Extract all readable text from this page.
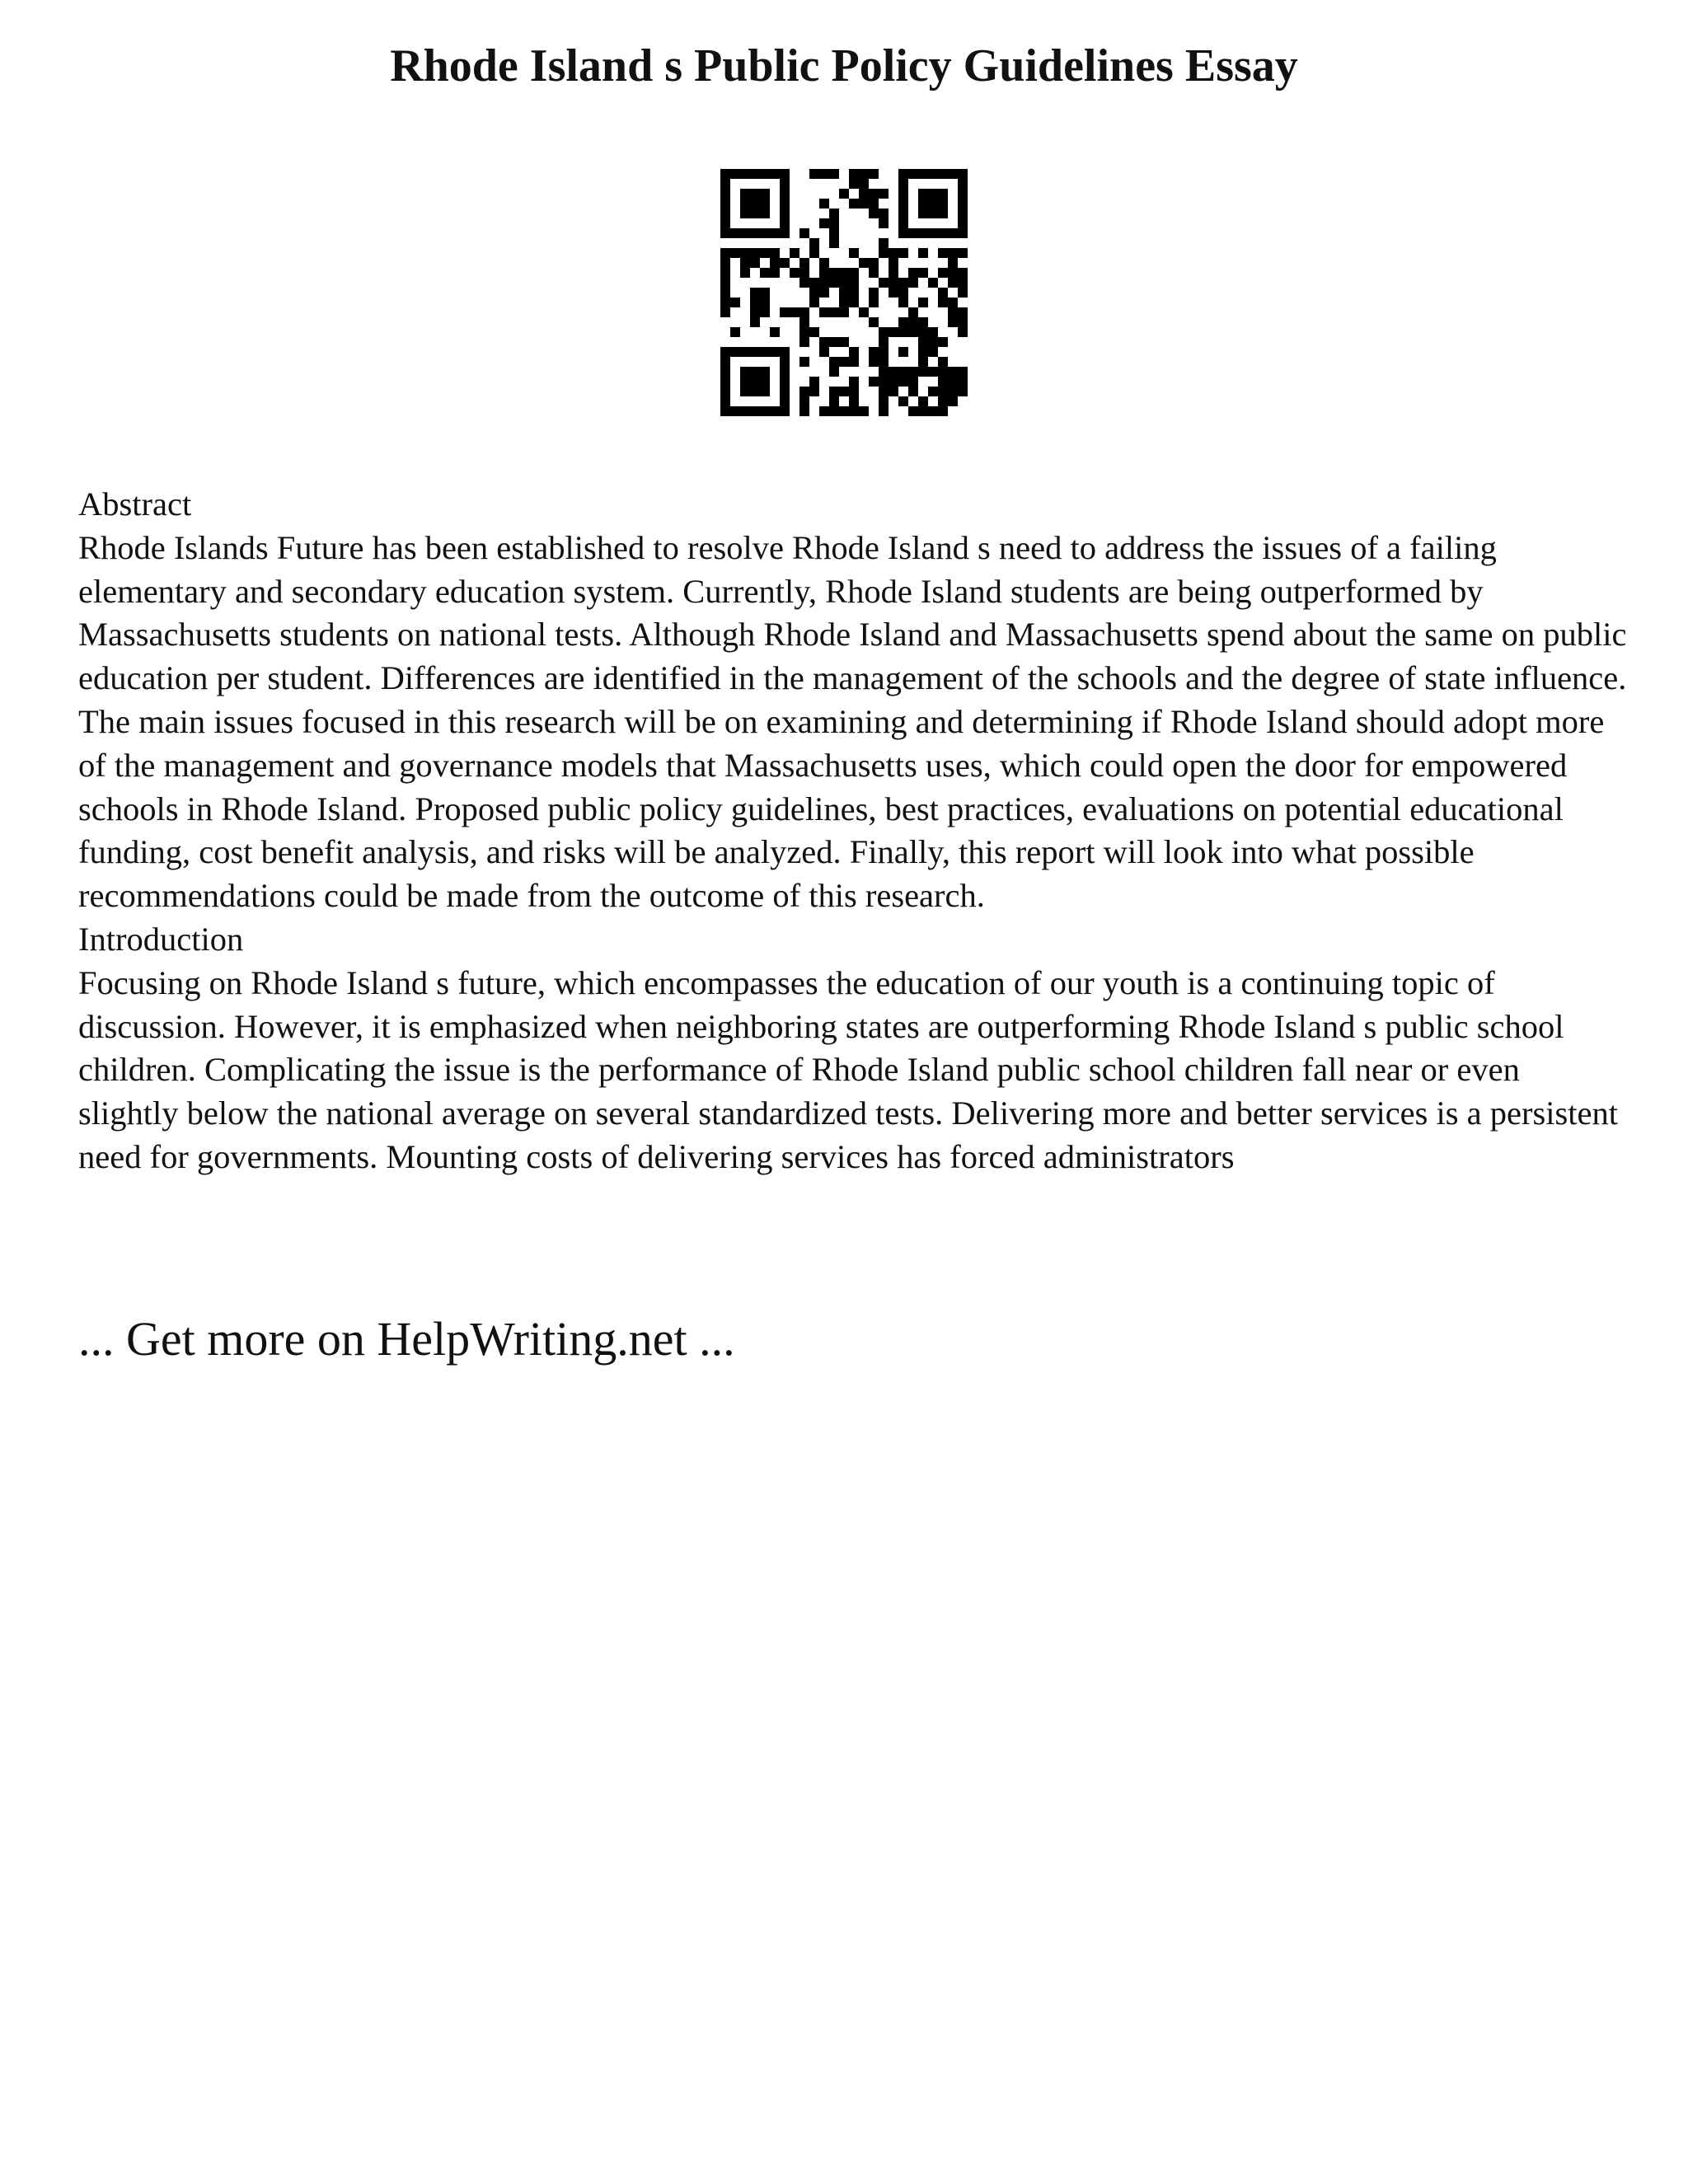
Rhode Island s Public Policy Guidelines Essay

Abstract

Rhode Islands Future has been established to resolve Rhode Island s need to address the issues of a failing elementary and secondary education system. Currently, Rhode Island students are being outperformed by Massachusetts students on national tests. Although Rhode Island and Massachusetts spend about the same on public education per student. Differences are identified in the management of the schools and the degree of state influence. The main issues focused in this research will be on examining and determining if Rhode Island should adopt more of the management and governance models that Massachusetts uses, which could open the door for empowered schools in Rhode Island. Proposed public policy guidelines, best practices, evaluations on potential educational funding, cost benefit analysis, and risks will be analyzed. Finally, this report will look into what possible recommendations could be made from the outcome of this research.

Introduction

Focusing on Rhode Island s future, which encompasses the education of our youth is a continuing topic of discussion. However, it is emphasized when neighboring states are outperforming Rhode Island s public school children. Complicating the issue is the performance of Rhode Island public school children fall near or even slightly below the national average on several standardized tests. Delivering more and better services is a persistent need for governments. Mounting costs of delivering services has forced administrators

... Get more on HelpWriting.net ...
